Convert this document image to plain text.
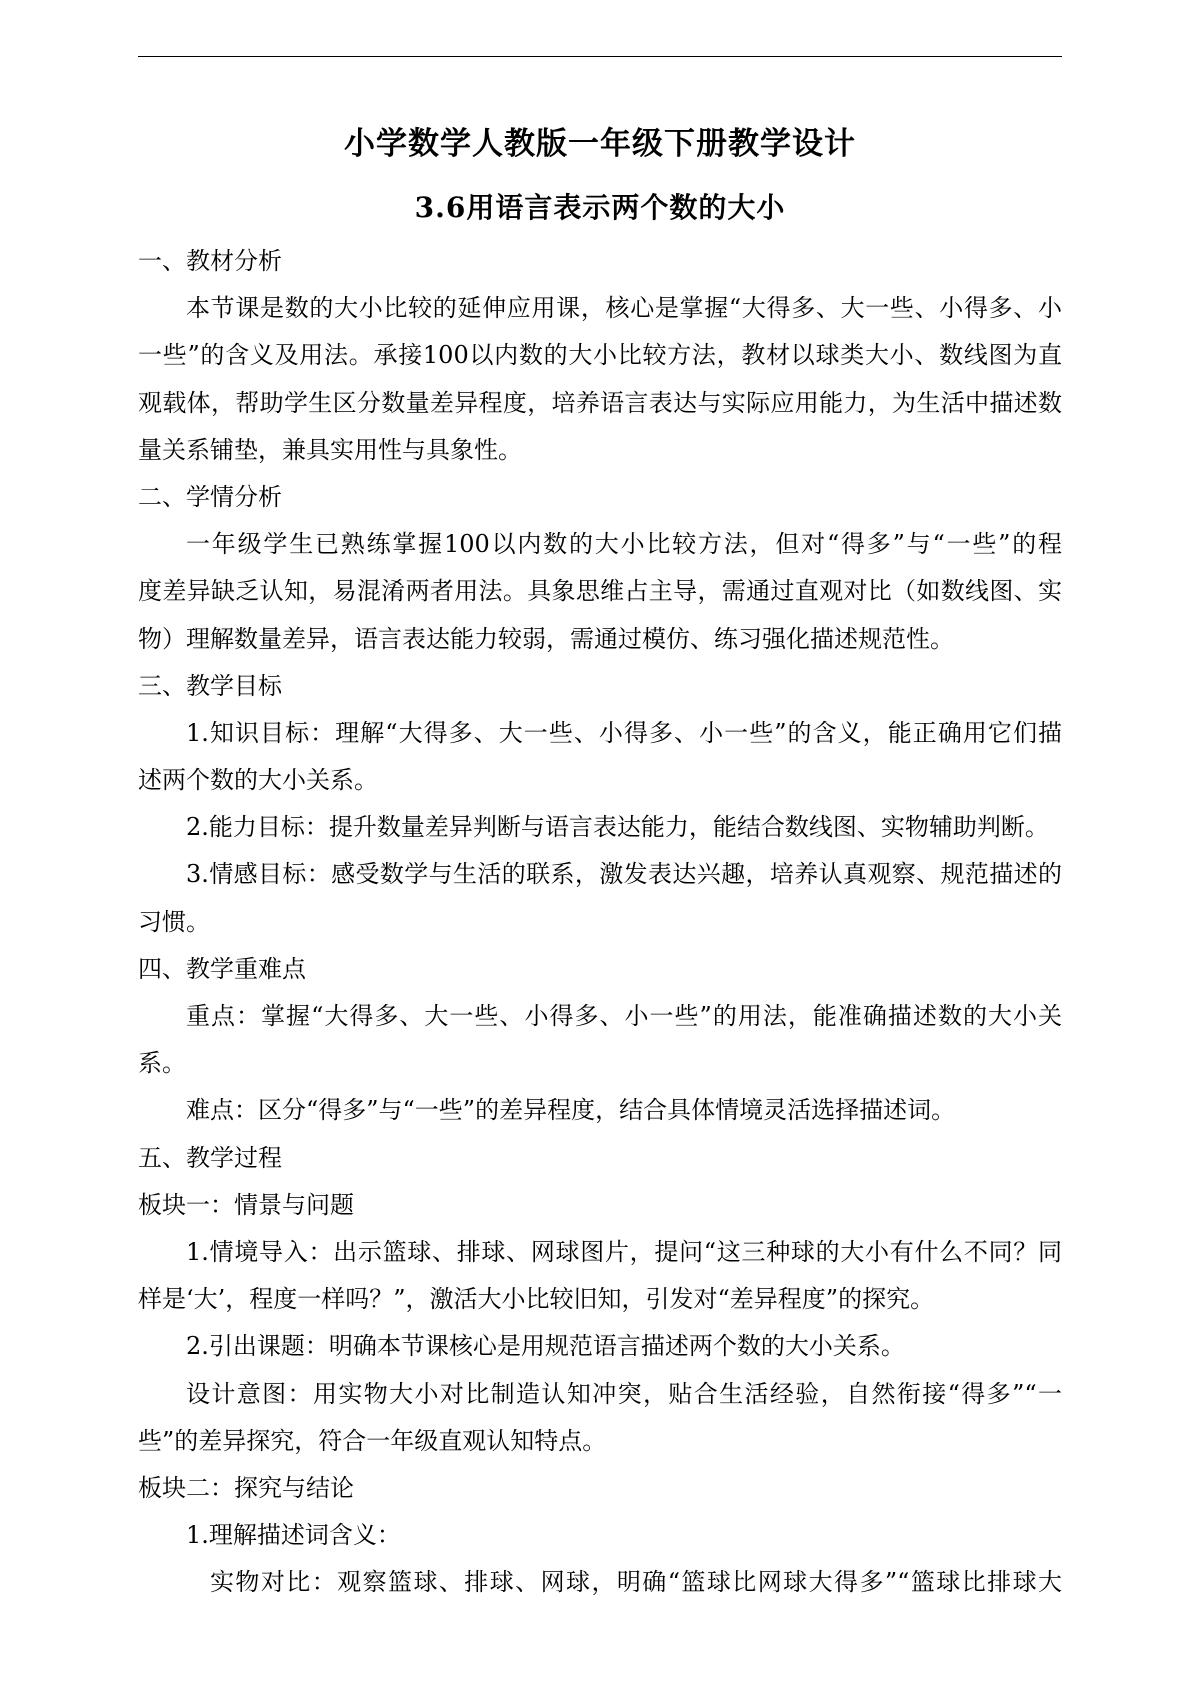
小学数学人教版一年级下册教学设计
3.6用语言表示两个数的大小
一、教材分析
本节课是数的大小比较的延伸应用课，核心是掌握“大得多、大一些、小得多、小
一些”的含义及用法。承接100以内数的大小比较方法，教材以球类大小、数线图为直
观载体，帮助学生区分数量差异程度，培养语言表达与实际应用能力，为生活中描述数
量关系铺垫，兼具实用性与具象性。
二、学情分析
一年级学生已熟练掌握100以内数的大小比较方法，但对“得多”与“一些”的程
度差异缺乏认知，易混淆两者用法。具象思维占主导，需通过直观对比（如数线图、实
物）理解数量差异，语言表达能力较弱，需通过模仿、练习强化描述规范性。
三、教学目标
1.知识目标：理解“大得多、大一些、小得多、小一些”的含义，能正确用它们描
述两个数的大小关系。
2.能力目标：提升数量差异判断与语言表达能力，能结合数线图、实物辅助判断。
3.情感目标：感受数学与生活的联系，激发表达兴趣，培养认真观察、规范描述的
习惯。
四、教学重难点
重点：掌握“大得多、大一些、小得多、小一些”的用法，能准确描述数的大小关
系。
难点：区分“得多”与“一些”的差异程度，结合具体情境灵活选择描述词。
五、教学过程
板块一：情景与问题
1.情境导入：出示篮球、排球、网球图片，提问“这三种球的大小有什么不同？同
样是‘大’，程度一样吗？”，激活大小比较旧知，引发对“差异程度”的探究。
2.引出课题：明确本节课核心是用规范语言描述两个数的大小关系。
设计意图：用实物大小对比制造认知冲突，贴合生活经验，自然衔接“得多”“一
些”的差异探究，符合一年级直观认知特点。
板块二：探究与结论
1.理解描述词含义：
实物对比：观察篮球、排球、网球，明确“篮球比网球大得多”“篮球比排球大
